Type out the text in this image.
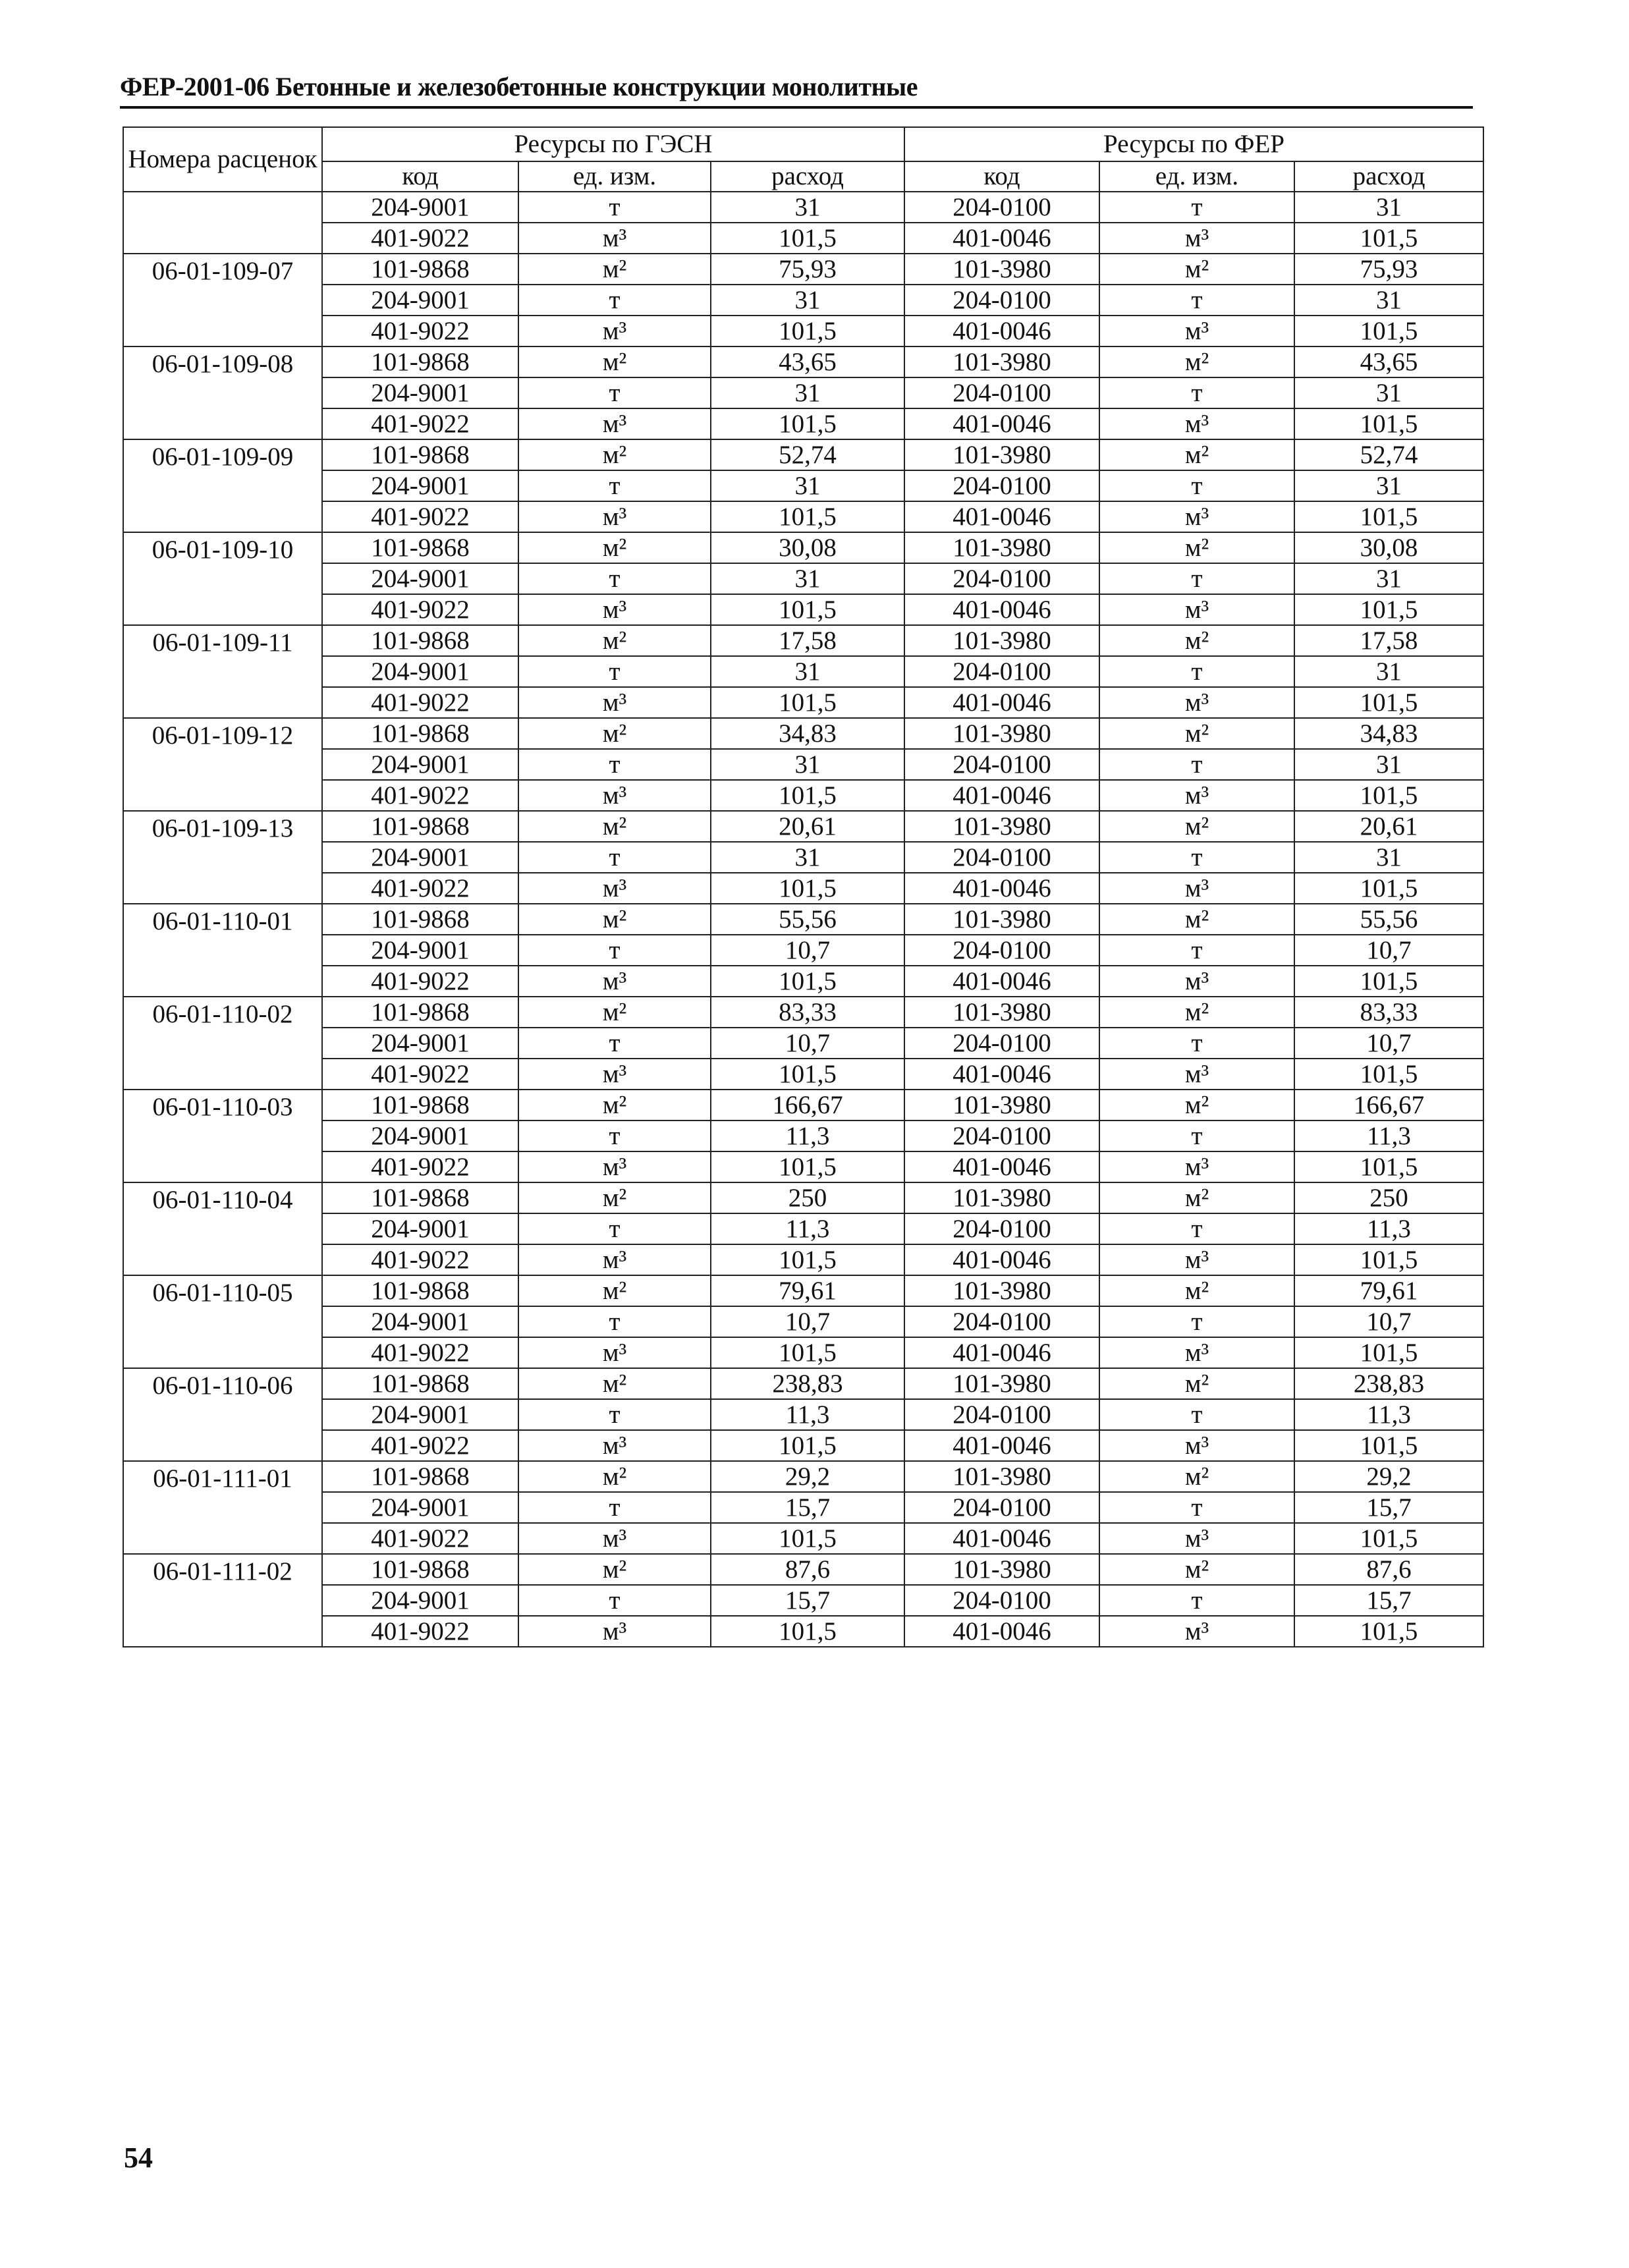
ФЕР-2001-06 Бетонные и железобетонные конструкции монолитные
Номера расценок	Ресурсы по ГЭСН			Ресурсы по ФЕР		
	код	ед. изм.	расход	код	ед. изм.	расход
	204-9001	т	31	204-0100	т	31
	401-9022	м³	101,5	401-0046	м³	101,5
06-01-109-07	101-9868	м²	75,93	101-3980	м²	75,93
	204-9001	т	31	204-0100	т	31
	401-9022	м³	101,5	401-0046	м³	101,5
06-01-109-08	101-9868	м²	43,65	101-3980	м²	43,65
	204-9001	т	31	204-0100	т	31
	401-9022	м³	101,5	401-0046	м³	101,5
06-01-109-09	101-9868	м²	52,74	101-3980	м²	52,74
	204-9001	т	31	204-0100	т	31
	401-9022	м³	101,5	401-0046	м³	101,5
06-01-109-10	101-9868	м²	30,08	101-3980	м²	30,08
	204-9001	т	31	204-0100	т	31
	401-9022	м³	101,5	401-0046	м³	101,5
06-01-109-11	101-9868	м²	17,58	101-3980	м²	17,58
	204-9001	т	31	204-0100	т	31
	401-9022	м³	101,5	401-0046	м³	101,5
06-01-109-12	101-9868	м²	34,83	101-3980	м²	34,83
	204-9001	т	31	204-0100	т	31
	401-9022	м³	101,5	401-0046	м³	101,5
06-01-109-13	101-9868	м²	20,61	101-3980	м²	20,61
	204-9001	т	31	204-0100	т	31
	401-9022	м³	101,5	401-0046	м³	101,5
06-01-110-01	101-9868	м²	55,56	101-3980	м²	55,56
	204-9001	т	10,7	204-0100	т	10,7
	401-9022	м³	101,5	401-0046	м³	101,5
06-01-110-02	101-9868	м²	83,33	101-3980	м²	83,33
	204-9001	т	10,7	204-0100	т	10,7
	401-9022	м³	101,5	401-0046	м³	101,5
06-01-110-03	101-9868	м²	166,67	101-3980	м²	166,67
	204-9001	т	11,3	204-0100	т	11,3
	401-9022	м³	101,5	401-0046	м³	101,5
06-01-110-04	101-9868	м²	250	101-3980	м²	250
	204-9001	т	11,3	204-0100	т	11,3
	401-9022	м³	101,5	401-0046	м³	101,5
06-01-110-05	101-9868	м²	79,61	101-3980	м²	79,61
	204-9001	т	10,7	204-0100	т	10,7
	401-9022	м³	101,5	401-0046	м³	101,5
06-01-110-06	101-9868	м²	238,83	101-3980	м²	238,83
	204-9001	т	11,3	204-0100	т	11,3
	401-9022	м³	101,5	401-0046	м³	101,5
06-01-111-01	101-9868	м²	29,2	101-3980	м²	29,2
	204-9001	т	15,7	204-0100	т	15,7
	401-9022	м³	101,5	401-0046	м³	101,5
06-01-111-02	101-9868	м²	87,6	101-3980	м²	87,6
	204-9001	т	15,7	204-0100	т	15,7
	401-9022	м³	101,5	401-0046	м³	101,5
54
